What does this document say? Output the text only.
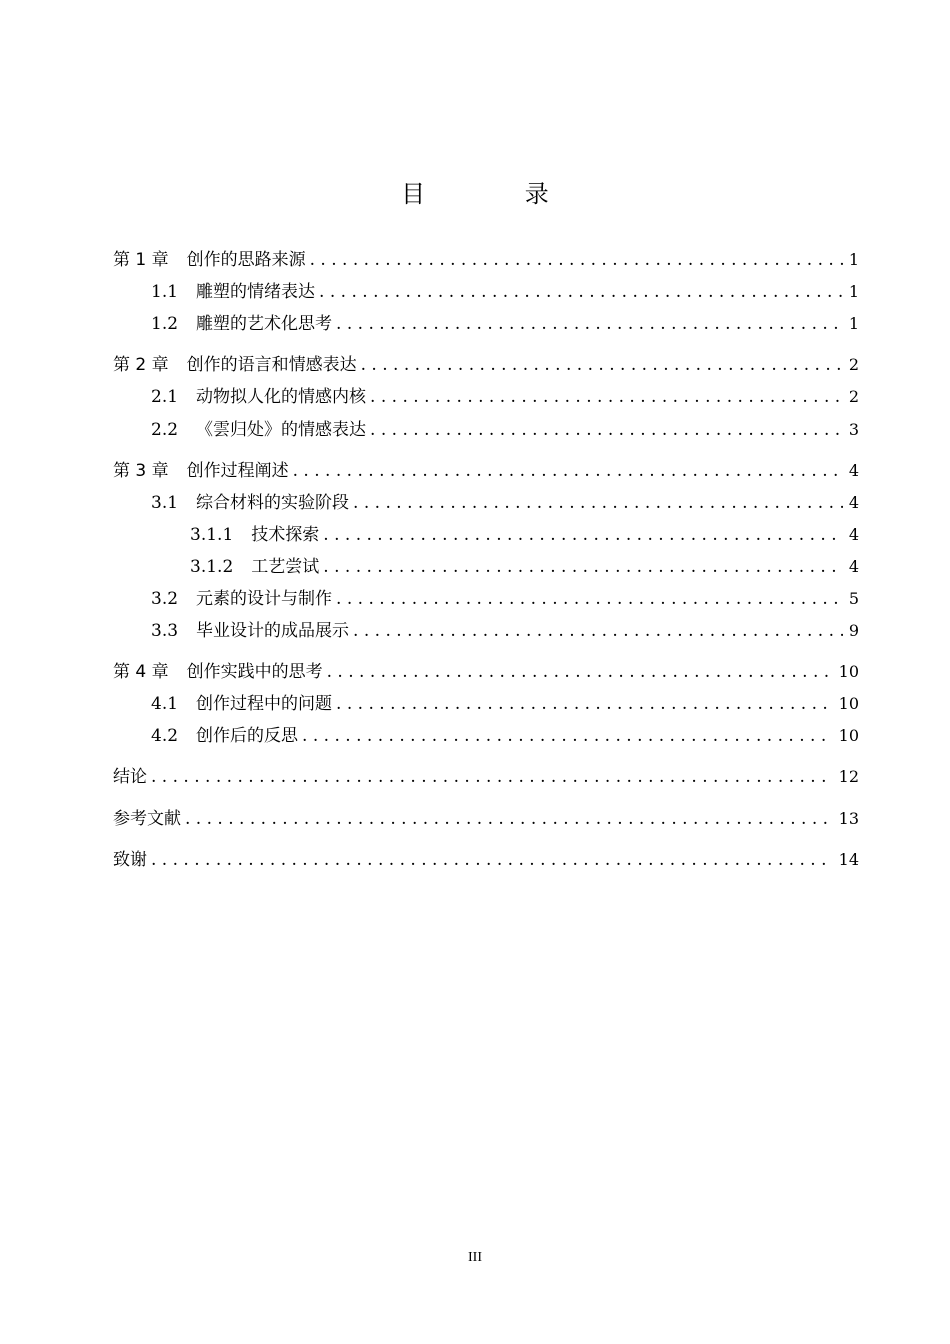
目 录
第 1 章 创作的思路来源 . . .	1
1.1 雕塑的情绪表达 . . .	1
1.2 雕塑的艺术化思考 . . .	1
第 2 章 创作的语言和情感表达 . . .	2
2.1 动物拟人化的情感内核 . . .	2
2.2 《雲归处》的情感表达 . . .	3
第 3 章 创作过程阐述 . . .	4
3.1 综合材料的实验阶段 . . .	4
3.1.1 技术探索 . . .	4
3.1.2 工艺尝试 . . .	4
3.2 元素的设计与制作 . . .	5
3.3 毕业设计的成品展示 . . .	9
第 4 章 创作实践中的思考 . . .	10
4.1 创作过程中的问题 . . .	10
4.2 创作后的反思 . . .	10
结论 . . .	12
参考文献 . . .	13
致谢 . . .	14
III
